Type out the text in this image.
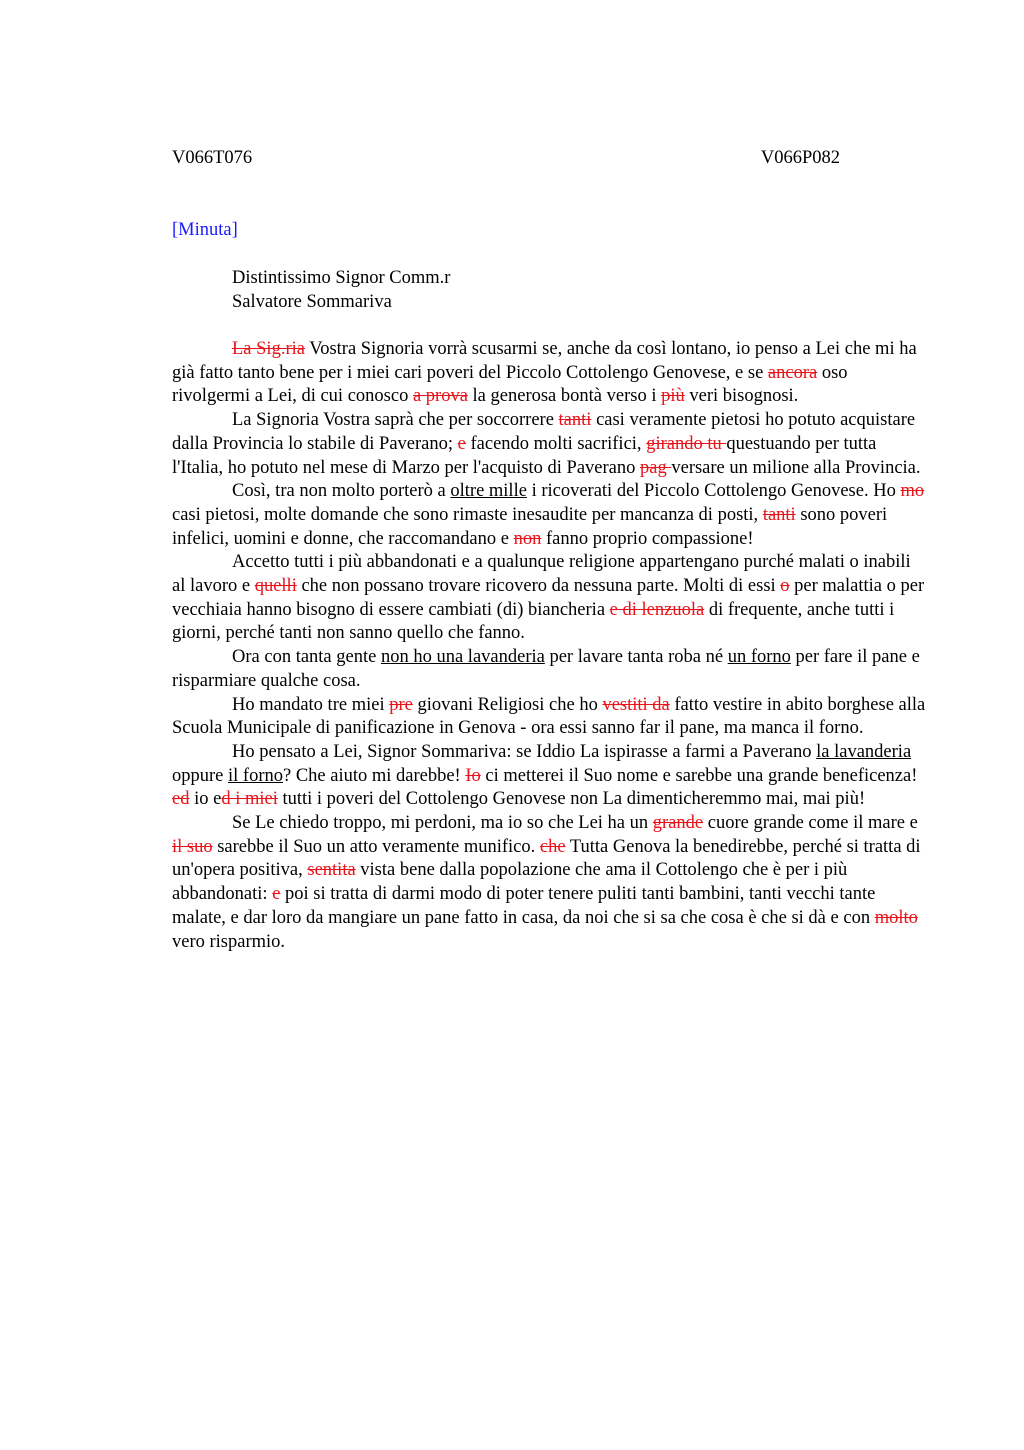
V066T076	V066P082
[Minuta]
Distintissimo Signor Comm.r
Salvatore Sommariva

La Sig.ria Vostra Signoria vorrà scusarmi se, anche da così lontano, io penso a Lei che mi ha già fatto tanto bene per i miei cari poveri del Piccolo Cottolengo Genovese, e se ancora oso rivolgermi a Lei, di cui conosco a prova la generosa bontà verso i più veri bisognosi.

La Signoria Vostra saprà che per soccorrere tanti casi veramente pietosi ho potuto acquistare dalla Provincia lo stabile di Paverano; e facendo molti sacrifici, girando tu questuando per tutta l'Italia, ho potuto nel mese di Marzo per l'acquisto di Paverano pag versare un milione alla Provincia.

Così, tra non molto porterò a oltre mille i ricoverati del Piccolo Cottolengo Genovese. Ho mo casi pietosi, molte domande che sono rimaste inesaudite per mancanza di posti, tanti sono poveri infelici, uomini e donne, che raccomandano e non fanno proprio compassione!

Accetto tutti i più abbandonati e a qualunque religione appartengano purché malati o inabili al lavoro e quelli che non possano trovare ricovero da nessuna parte. Molti di essi o per malattia o per vecchiaia hanno bisogno di essere cambiati (di) biancheria e di lenzuola di frequente, anche tutti i giorni, perché tanti non sanno quello che fanno.

Ora con tanta gente non ho una lavanderia per lavare tanta roba né un forno per fare il pane e risparmiare qualche cosa.

Ho mandato tre miei pre giovani Religiosi che ho vestiti da fatto vestire in abito borghese alla Scuola Municipale di panificazione in Genova - ora essi sanno far il pane, ma manca il forno.

Ho pensato a Lei, Signor Sommariva: se Iddio La ispirasse a farmi a Paverano la lavanderia oppure il forno? Che aiuto mi darebbe! Io ci metterei il Suo nome e sarebbe una grande beneficenza! ed io ed i miei tutti i poveri del Cottolengo Genovese non La dimenticheremmo mai, mai più!

Se Le chiedo troppo, mi perdoni, ma io so che Lei ha un grande cuore grande come il mare e il suo sarebbe il Suo un atto veramente munifico. che Tutta Genova la benedirebbe, perché si tratta di un'opera positiva, sentita vista bene dalla popolazione che ama il Cottolengo che è per i più abbandonati: e poi si tratta di darmi modo di poter tenere puliti tanti bambini, tanti vecchi tante malate, e dar loro da mangiare un pane fatto in casa, da noi che si sa che cosa è che si dà e con molto vero risparmio.
